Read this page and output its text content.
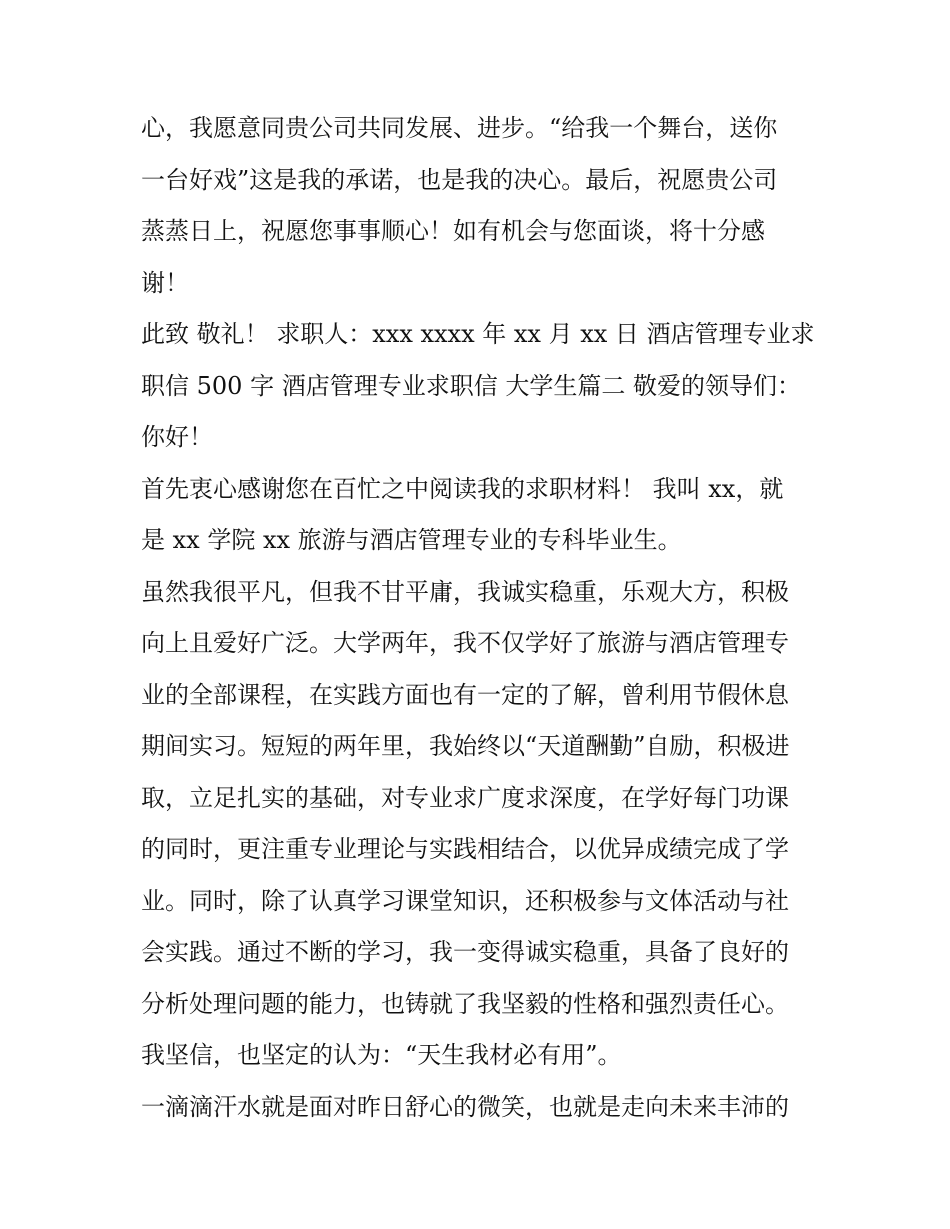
心，我愿意同贵公司共同发展、进步。“给我一个舞台，送你
一台好戏”这是我的承诺，也是我的决心。最后，祝愿贵公司
蒸蒸日上，祝愿您事事顺心！如有机会与您面谈，将十分感
谢！
此致 敬礼！ 求职人：xxx xxxx 年 xx 月 xx 日 酒店管理专业求
职信 500 字 酒店管理专业求职信 大学生篇二 敬爱的领导们：
你好！
首先衷心感谢您在百忙之中阅读我的求职材料！ 我叫 xx，就
是 xx 学院 xx 旅游与酒店管理专业的专科毕业生。
虽然我很平凡，但我不甘平庸，我诚实稳重，乐观大方，积极
向上且爱好广泛。大学两年，我不仅学好了旅游与酒店管理专
业的全部课程，在实践方面也有一定的了解，曾利用节假休息
期间实习。短短的两年里，我始终以“天道酬勤”自励，积极进
取，立足扎实的基础，对专业求广度求深度，在学好每门功课
的同时，更注重专业理论与实践相结合，以优异成绩完成了学
业。同时，除了认真学习课堂知识，还积极参与文体活动与社
会实践。通过不断的学习，我一变得诚实稳重，具备了良好的
分析处理问题的能力，也铸就了我坚毅的性格和强烈责任心。
我坚信，也坚定的认为：“天生我材必有用”。
一滴滴汗水就是面对昨日舒心的微笑，也就是走向未来丰沛的
